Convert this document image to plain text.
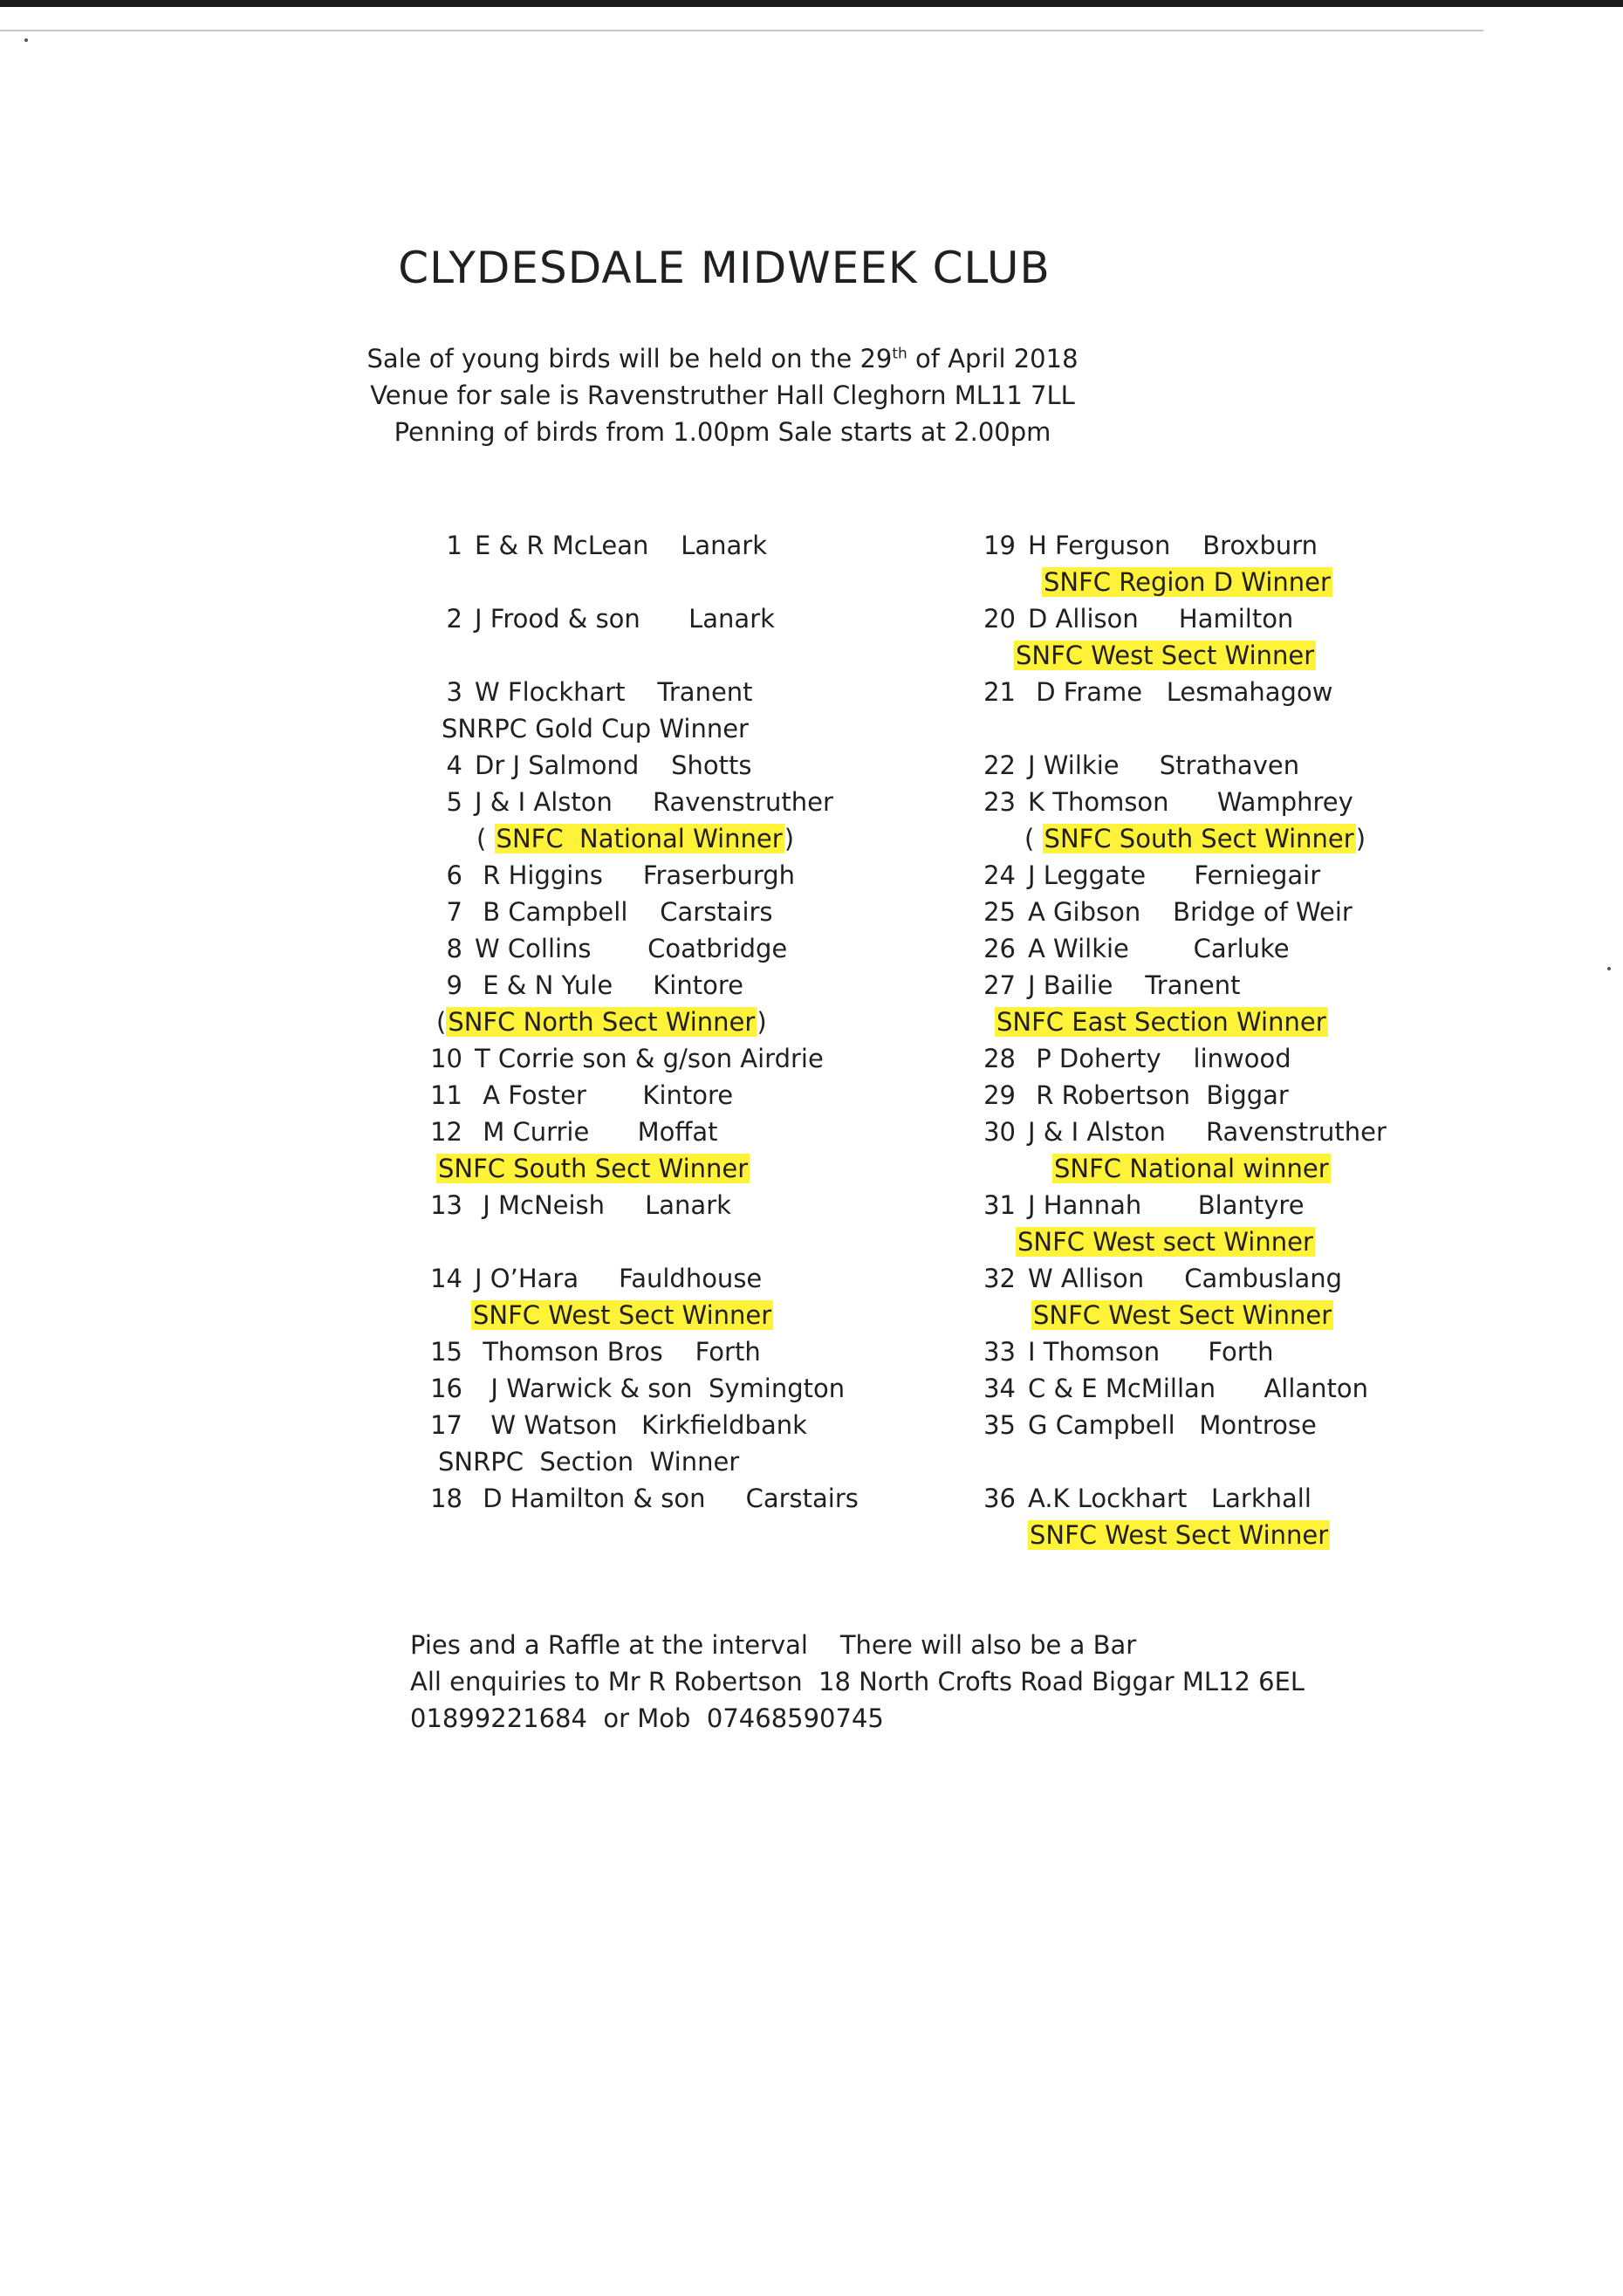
CLYDESDALE MIDWEEK CLUB
Sale of young birds will be held on the 29th of April 2018
Venue for sale is Ravenstruther Hall Cleghorn ML11 7LL
Penning of birds from 1.00pm Sale starts at 2.00pm
1 E & R McLean    Lanark
2 J Frood & son      Lanark
3 W Flockhart    Tranent
SNRPC Gold Cup Winner
4 Dr J Salmond    Shotts
5 J & I Alston     Ravenstruther
( SNFC  National Winner)
6 R Higgins     Fraserburgh
7 B Campbell    Carstairs
8 W Collins       Coatbridge
9 E & N Yule     Kintore
(SNFC North Sect Winner)
10 T Corrie son & g/son Airdrie
11 A Foster       Kintore
12 M Currie      Moffat
SNFC South Sect Winner
13 J McNeish     Lanark
14 J O’Hara     Fauldhouse
SNFC West Sect Winner
15 Thomson Bros    Forth
16  J Warwick & son  Symington
17  W Watson   Kirkfieldbank
SNRPC  Section  Winner
18 D Hamilton & son     Carstairs
19 H Ferguson    Broxburn
SNFC Region D Winner
20 D Allison     Hamilton
SNFC West Sect Winner
21 D Frame   Lesmahagow
22 J Wilkie     Strathaven
23 K Thomson      Wamphrey
( SNFC South Sect Winner)
24 J Leggate      Ferniegair
25 A Gibson    Bridge of Weir
26 A Wilkie        Carluke
27 J Bailie    Tranent
SNFC East Section Winner
28 P Doherty    linwood
29 R Robertson  Biggar
30 J & I Alston     Ravenstruther
SNFC National winner
31 J Hannah       Blantyre
SNFC West sect Winner
32 W Allison     Cambuslang
SNFC West Sect Winner
33 I Thomson      Forth
34 C & E McMillan      Allanton
35 G Campbell   Montrose
36 A.K Lockhart   Larkhall
SNFC West Sect Winner
Pies and a Raffle at the interval    There will also be a Bar
All enquiries to Mr R Robertson  18 North Crofts Road Biggar ML12 6EL
01899221684  or Mob  07468590745
